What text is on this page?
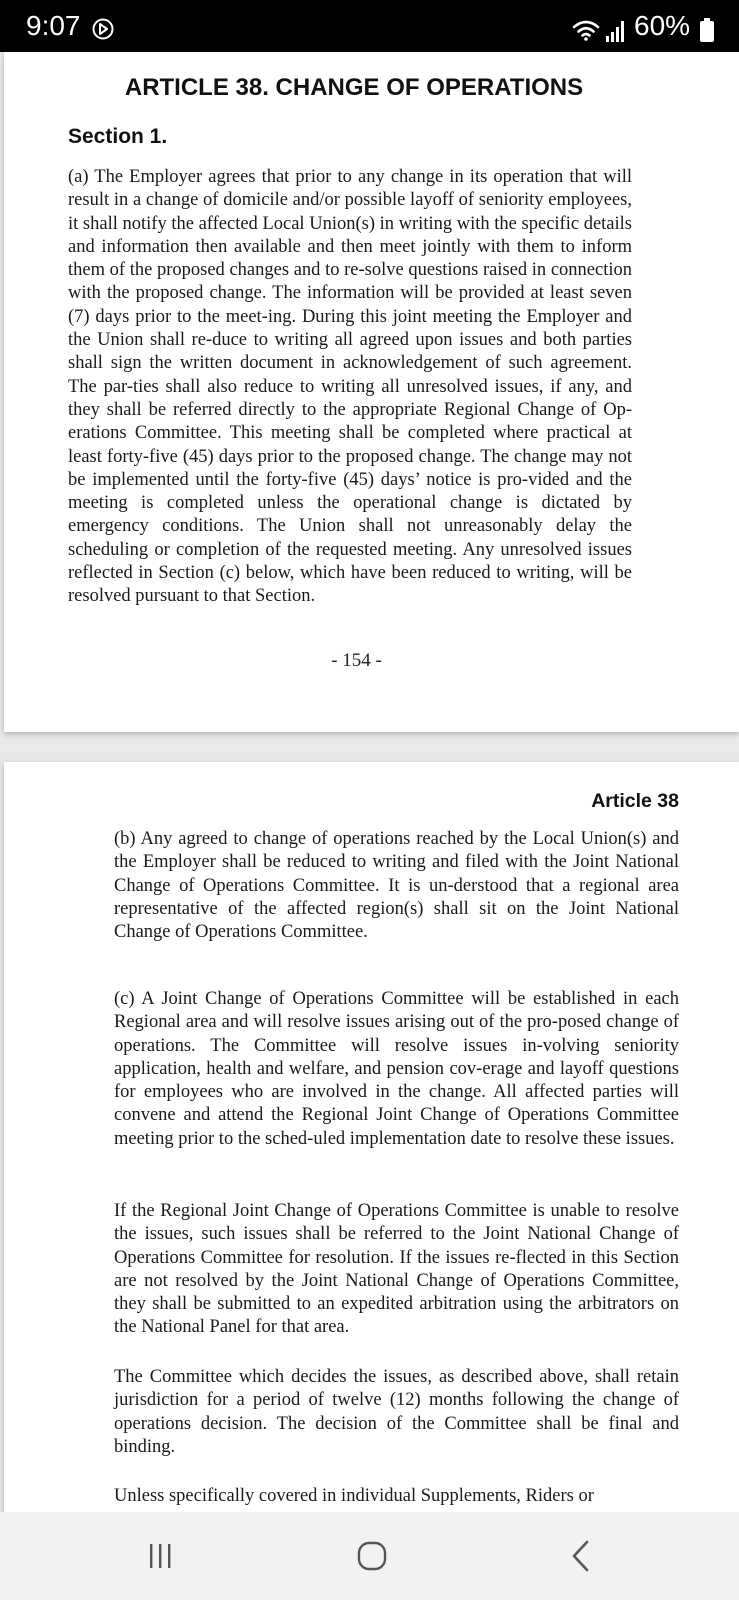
9:07	60%
ARTICLE 38. CHANGE OF OPERATIONS
Section 1.

(a) The Employer agrees that prior to any change in its operation that will result in a change of domicile and/or possible layoff of seniority employees, it shall notify the affected Local Union(s) in writing with the specific details and information then available and then meet jointly with them to inform them of the proposed changes and to re-solve questions raised in connection with the proposed change. The information will be provided at least seven (7) days prior to the meet-ing. During this joint meeting the Employer and the Union shall re-duce to writing all agreed upon issues and both parties shall sign the written document in acknowledgement of such agreement. The par-ties shall also reduce to writing all unresolved issues, if any, and they shall be referred directly to the appropriate Regional Change of Op-erations Committee. This meeting shall be completed where practical at least forty-five (45) days prior to the proposed change. The change may not be implemented until the forty-five (45) days’ notice is pro-vided and the meeting is completed unless the operational change is dictated by emergency conditions. The Union shall not unreasonably delay the scheduling or completion of the requested meeting. Any unresolved issues reflected in Section (c) below, which have been reduced to writing, will be resolved pursuant to that Section.

- 154 -
Article 38

(b) Any agreed to change of operations reached by the Local Union(s) and the Employer shall be reduced to writing and filed with the Joint National Change of Operations Committee. It is un-derstood that a regional area representative of the affected region(s) shall sit on the Joint National Change of Operations Committee.

(c) A Joint Change of Operations Committee will be established in each Regional area and will resolve issues arising out of the pro-posed change of operations. The Committee will resolve issues in-volving seniority application, health and welfare, and pension cov-erage and layoff questions for employees who are involved in the change. All affected parties will convene and attend the Regional Joint Change of Operations Committee meeting prior to the sched-uled implementation date to resolve these issues.

If the Regional Joint Change of Operations Committee is unable to resolve the issues, such issues shall be referred to the Joint National Change of Operations Committee for resolution. If the issues re-flected in this Section are not resolved by the Joint National Change of Operations Committee, they shall be submitted to an expedited arbitration using the arbitrators on the National Panel for that area.

The Committee which decides the issues, as described above, shall retain jurisdiction for a period of twelve (12) months following the change of operations decision. The decision of the Committee shall be final and binding.

Unless specifically covered in individual Supplements, Riders or
